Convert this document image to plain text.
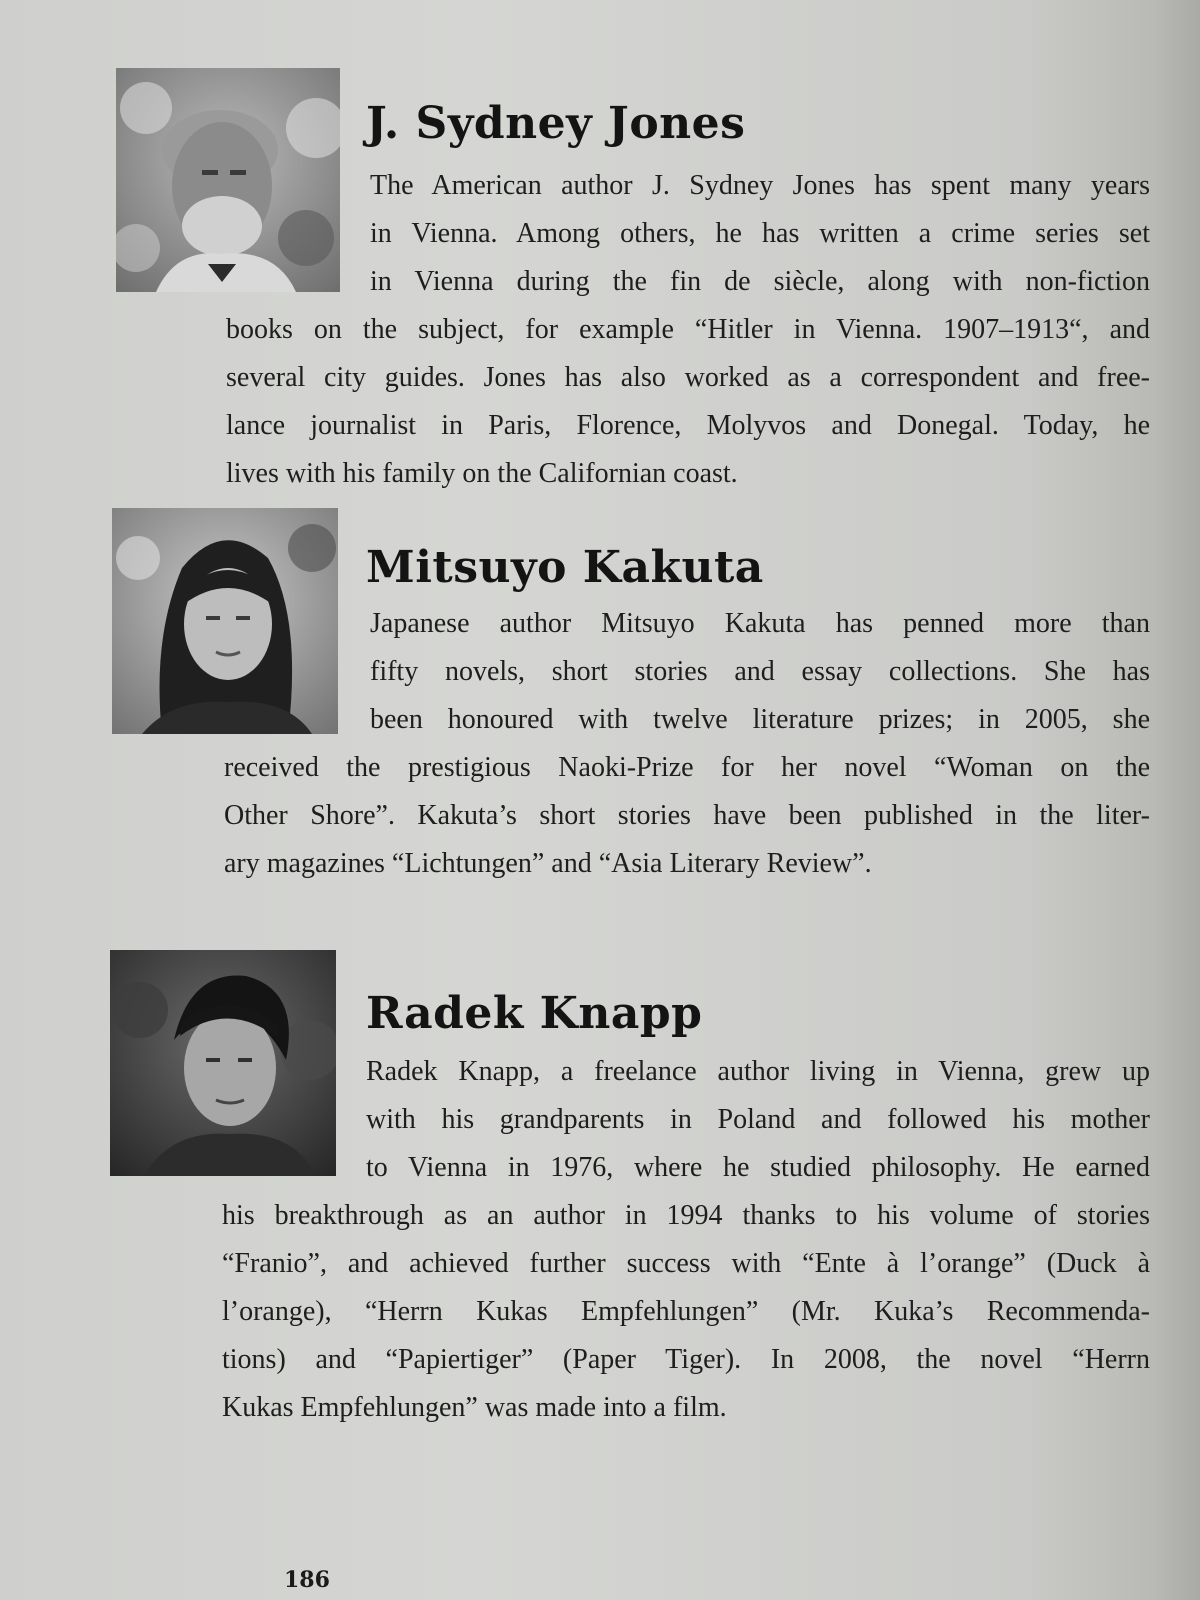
J. Sydney Jones
The American author J. Sydney Jones has spent many years
in Vienna. Among others, he has written a crime series set
in Vienna during the fin de siècle, along with non-fiction
books on the subject, for example “Hitler in Vienna. 1907–1913“, and
several city guides. Jones has also worked as a correspondent and free-
lance journalist in Paris, Florence, Molyvos and Donegal. Today, he
lives with his family on the Californian coast.
Mitsuyo Kakuta
Japanese author Mitsuyo Kakuta has penned more than
fifty novels, short stories and essay collections. She has
been honoured with twelve literature prizes; in 2005, she
received the prestigious Naoki-Prize for her novel “Woman on the
Other Shore”. Kakuta’s short stories have been published in the liter-
ary magazines “Lichtungen” and “Asia Literary Review”.
Radek Knapp
Radek Knapp, a freelance author living in Vienna, grew up
with his grandparents in Poland and followed his mother
to Vienna in 1976, where he studied philosophy. He earned
his breakthrough as an author in 1994 thanks to his volume of stories
“Franio”, and achieved further success with “Ente à l’orange” (Duck à
l’orange), “Herrn Kukas Empfehlungen” (Mr. Kuka’s Recommenda-
tions) and “Papiertiger” (Paper Tiger). In 2008, the novel “Herrn
Kukas Empfehlungen” was made into a film.
186
